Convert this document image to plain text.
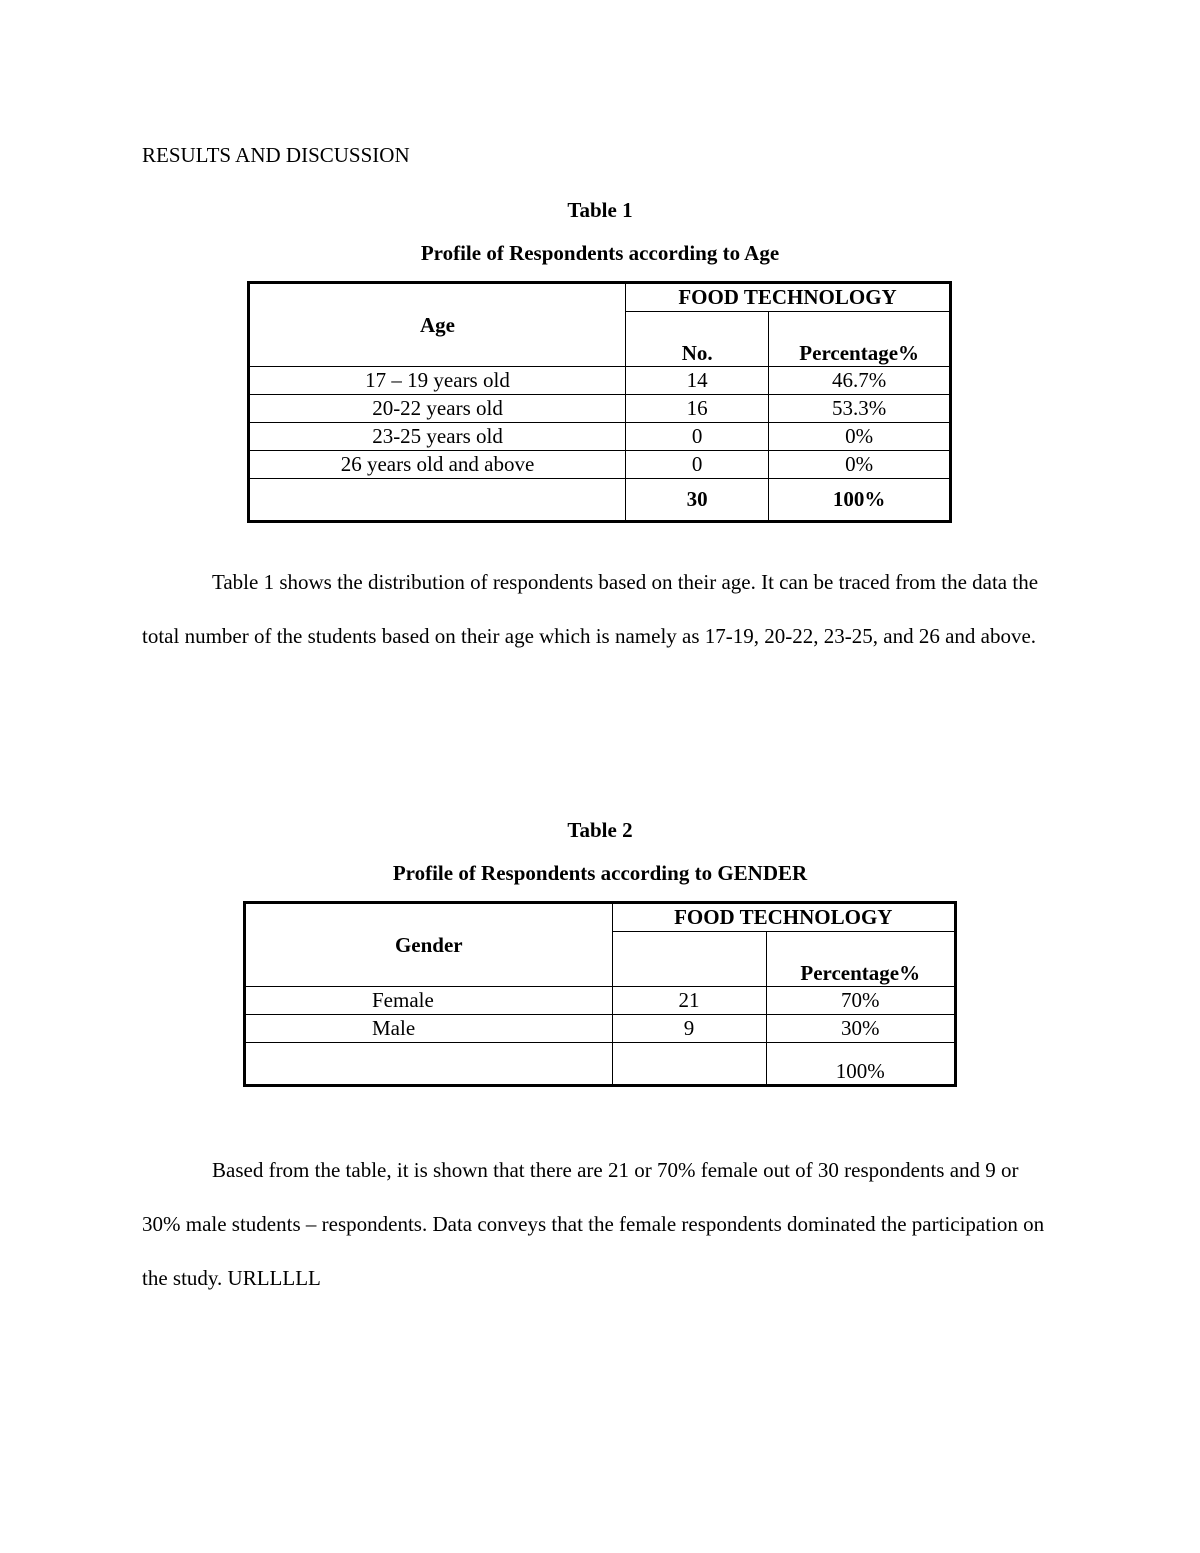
RESULTS AND DISCUSSION
Table 1
Profile of Respondents according to Age
Age	FOOD TECHNOLOGY	
	No.	Percentage%
17 – 19 years old	14	46.7%
20-22 years old	16	53.3%
23-25 years old	0	0%
26 years old and above	0	0%
	30	100%

Table 1 shows the distribution of respondents based on their age. It can be traced from the data the total number of the students based on their age which is namely as 17-19, 20-22, 23-25, and 26 and above.

Table 2
Profile of Respondents according to GENDER
Gender	FOOD TECHNOLOGY	
		Percentage%
Female	21	70%
Male	9	30%
		100%

Based from the table, it is shown that there are 21 or 70% female out of 30 respondents and 9 or 30% male students – respondents. Data conveys that the female respondents dominated the participation on the study. URLLLLL
